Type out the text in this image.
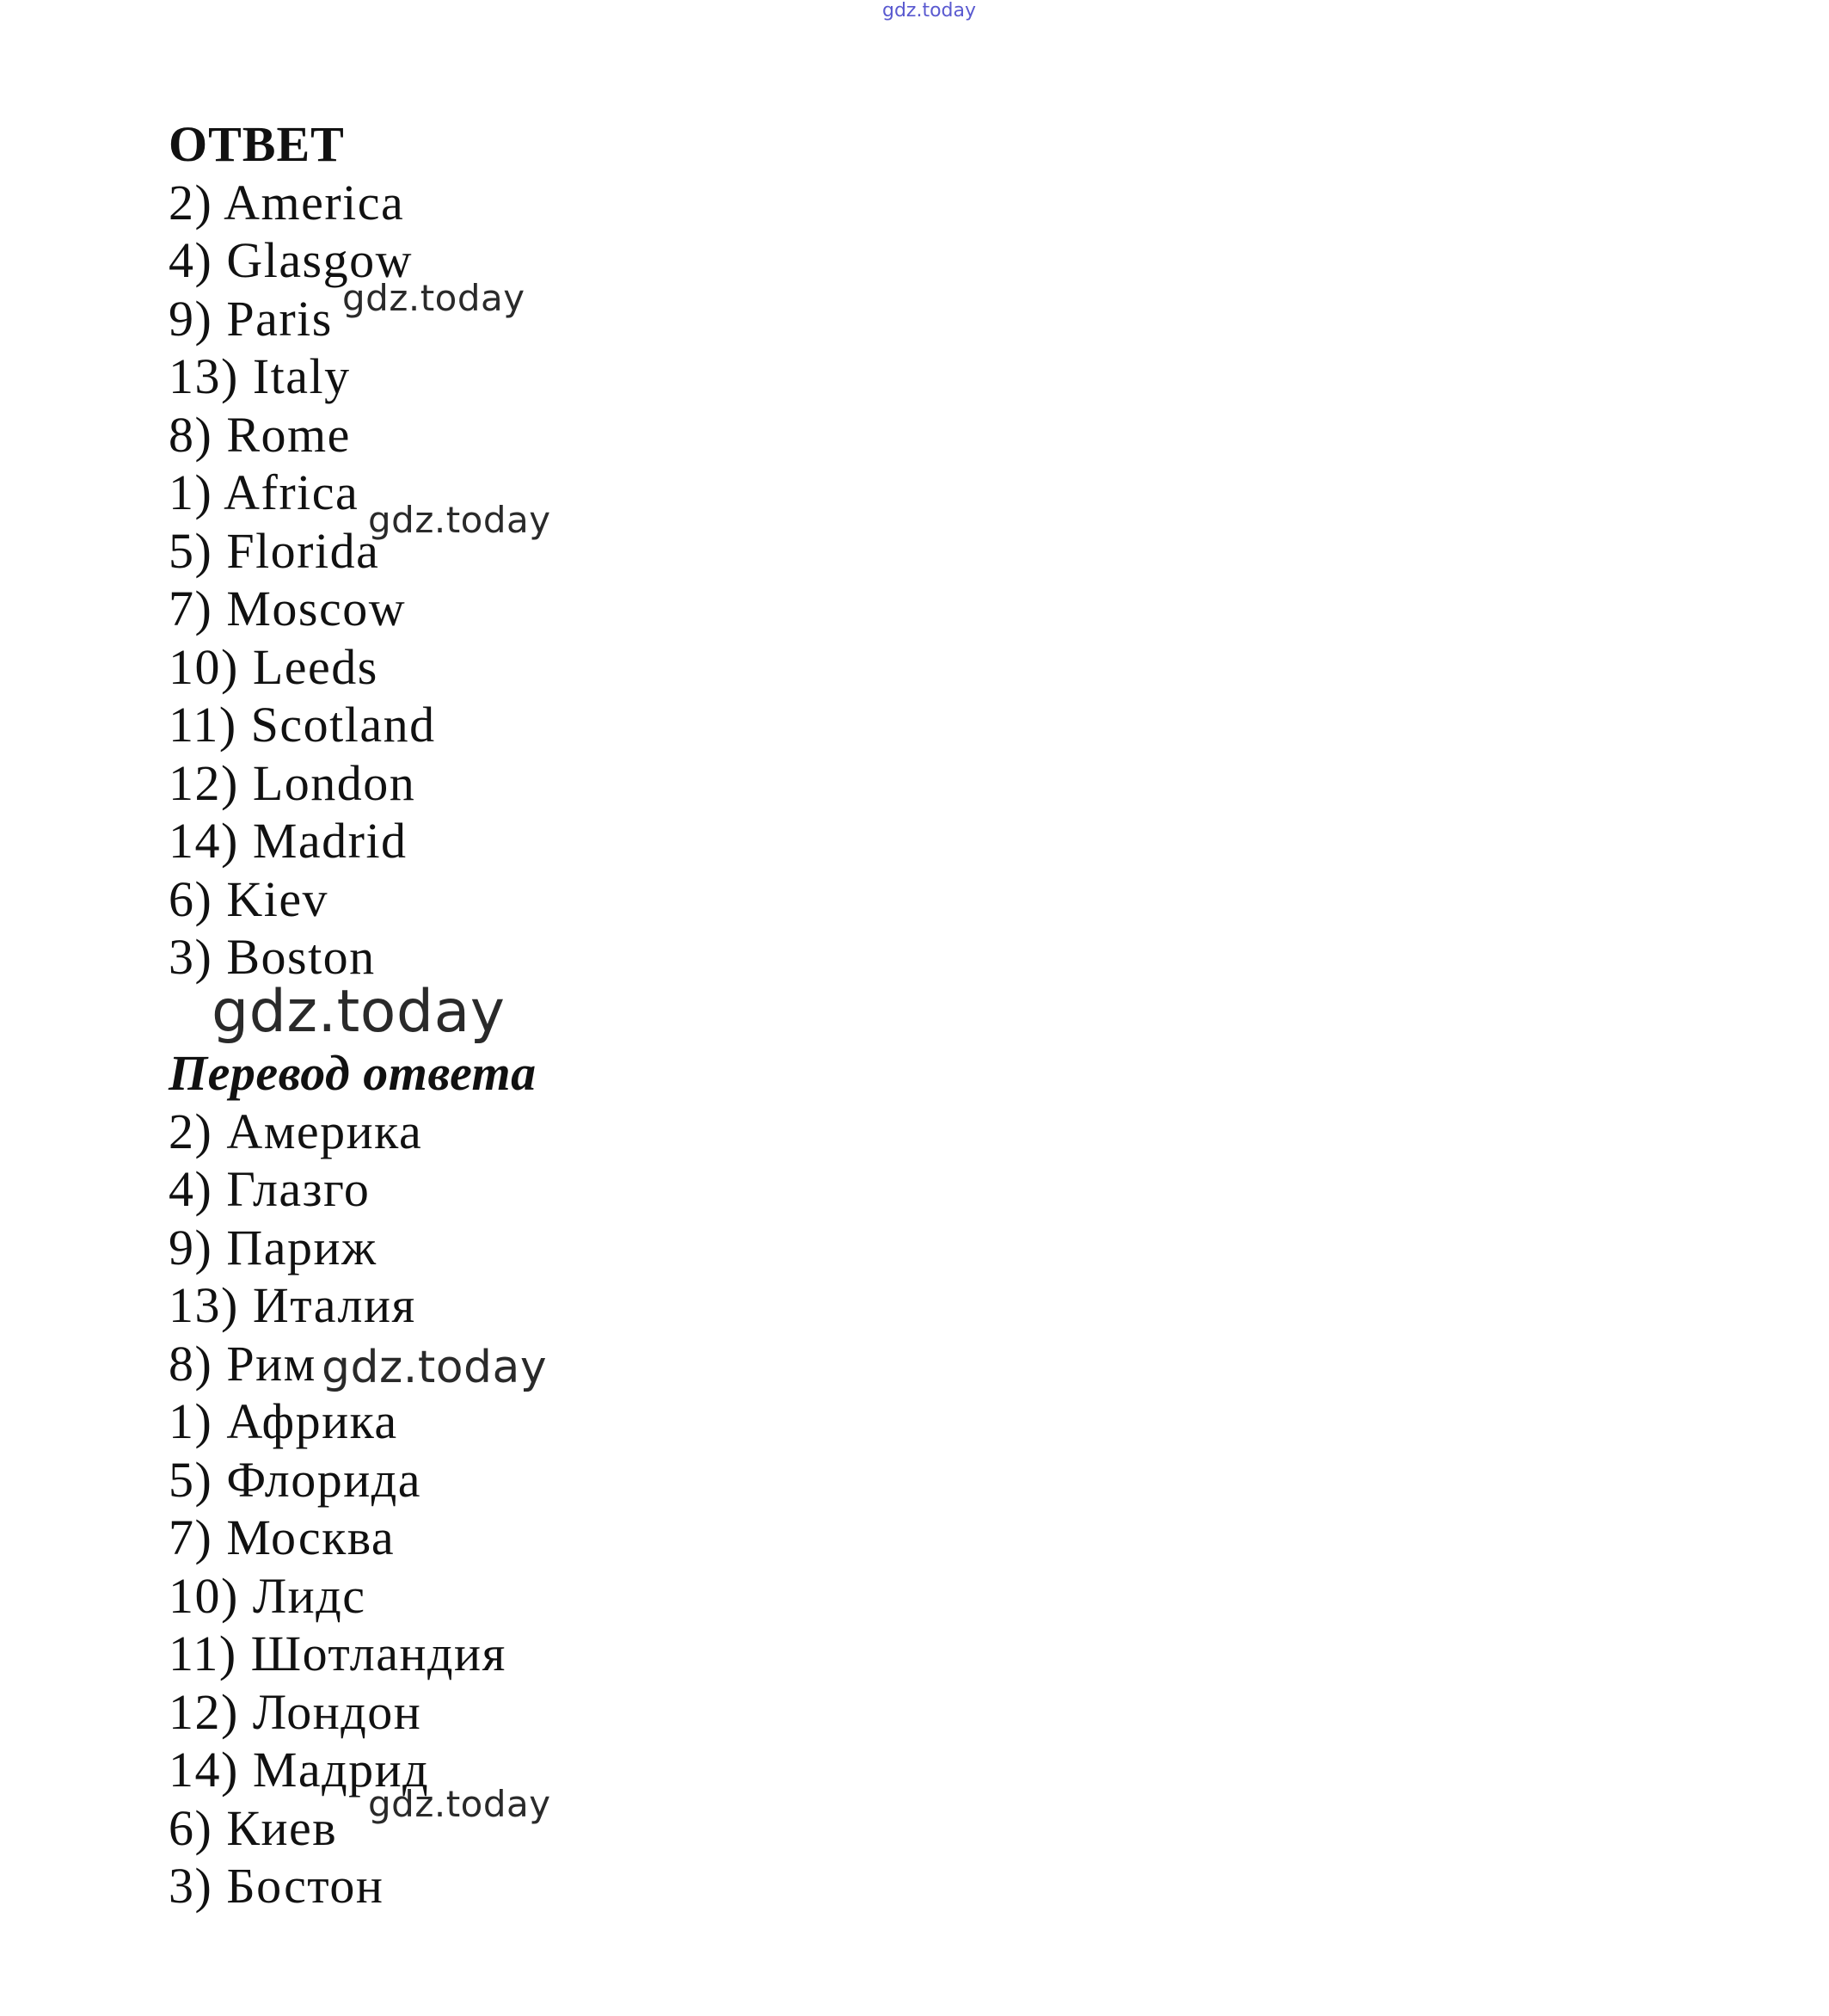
gdz.today
ОТВЕТ
2) America
4) Glasgow
9) Paris
13) Italy
8) Rome
1) Africa
5) Florida
7) Moscow
10) Leeds
11) Scotland
12) London
14) Madrid
6) Kiev
3) Boston
Перевод ответа
2) Америка
4) Глазго
9) Париж
13) Италия
8) Рим
1) Африка
5) Флорида
7) Москва
10) Лидс
11) Шотландия
12) Лондон
14) Мадрид
6) Киев
3) Бостон
gdz.today
gdz.today
gdz.today
gdz.today
gdz.today
